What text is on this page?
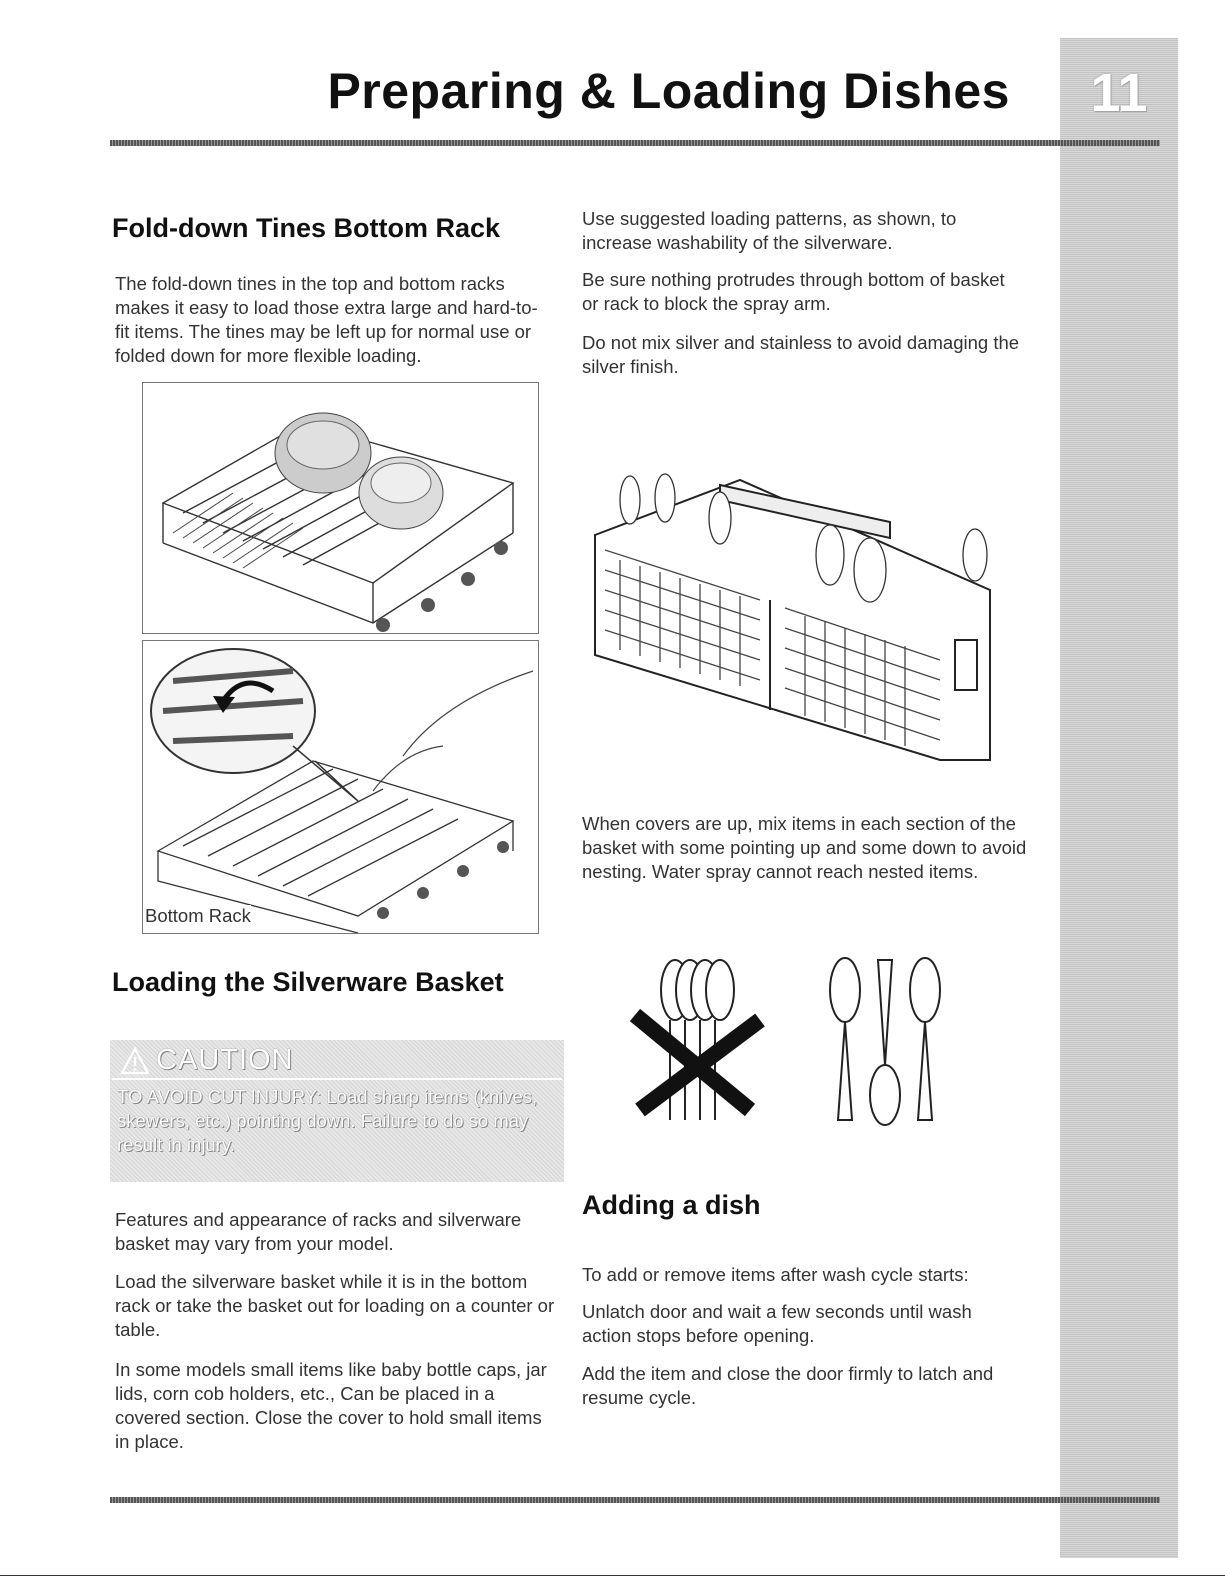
Preparing & Loading Dishes	11
Fold-down Tines Bottom Rack

The fold-down tines in the top and bottom racks makes it easy to load those extra large and hard-to-fit items. The tines may be left up for normal use or folded down for more flexible loading.

Bottom Rack
Loading the Silverware Basket
CAUTION
TO AVOID CUT INJURY: Load sharp items (knives, skewers, etc.) pointing down. Failure to do so may result in injury.

Features and appearance of racks and silverware basket may vary from your model.

Load the silverware basket while it is in the bottom rack or take the basket out for loading on a counter or table.

In some models small items like baby bottle caps, jar lids, corn cob holders, etc., Can be placed in a covered section. Close the cover to hold small items in place.

Use suggested loading patterns, as shown, to increase washability of the silverware.

Be sure nothing protrudes through bottom of basket or rack to block the spray arm.

Do not mix silver and stainless to avoid damaging the silver finish.

When covers are up, mix items in each section of the basket with some pointing up and some down to avoid nesting. Water spray cannot reach nested items.

Adding a dish

To add or remove items after wash cycle starts:

Unlatch door and wait a few seconds until wash action stops before opening.

Add the item and close the door firmly to latch and resume cycle.
